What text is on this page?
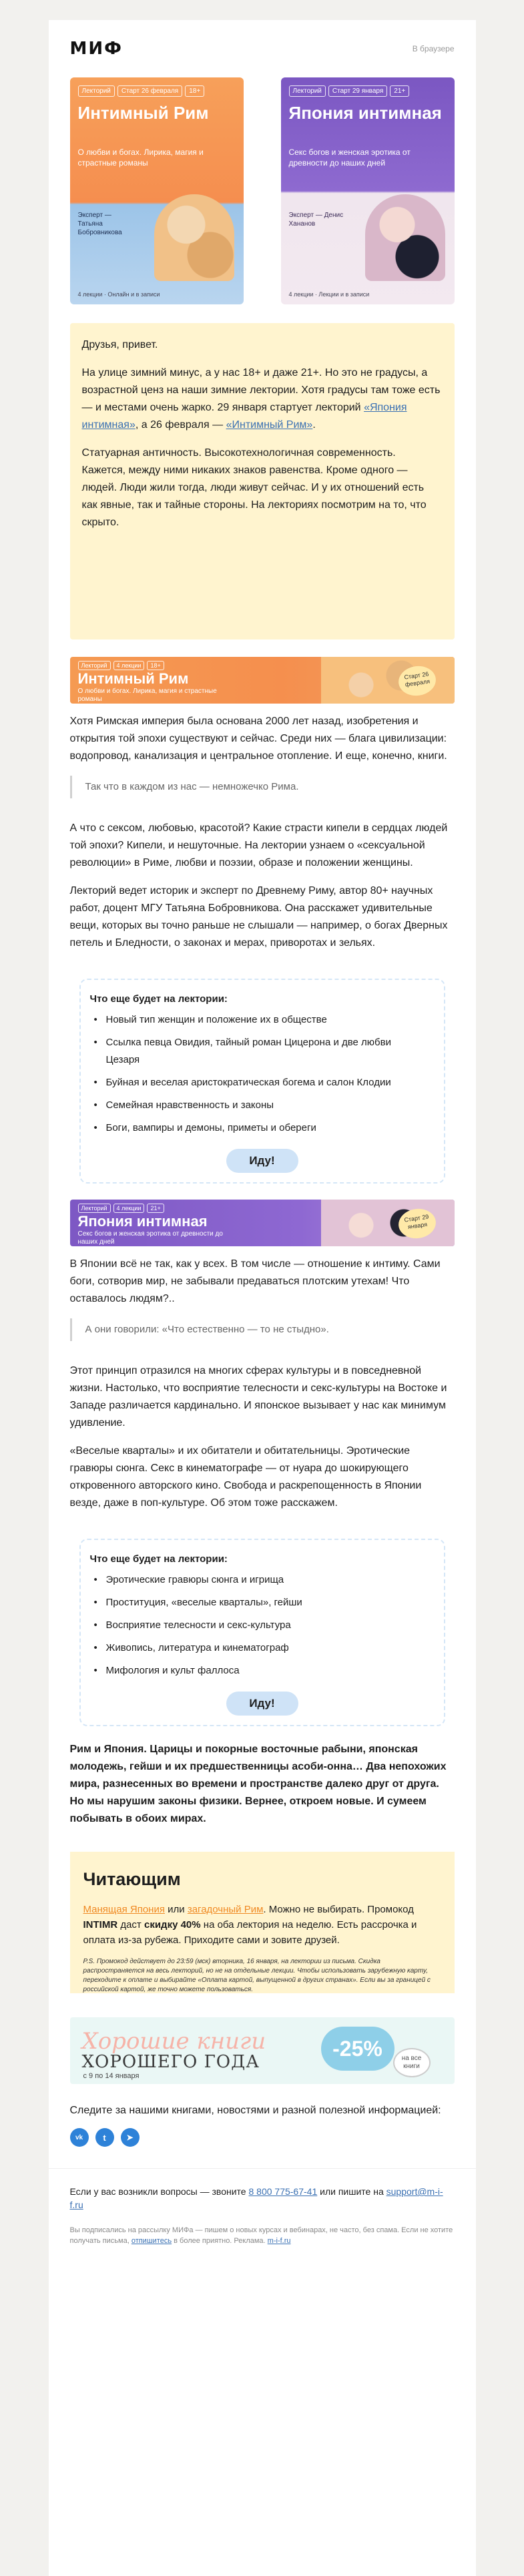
МИФ	В браузере
Лекторий	Старт 26 февраля	18+
Интимный Рим
О любви и богах. Лирика, магия и страстные романы
Эксперт — Татьяна Бобровникова
4 лекции · Онлайн и в записи
Лекторий	Старт 29 января	21+
Япония интимная
Секс богов и женская эротика от древности до наших дней
Эксперт — Денис Хананов
4 лекции · Лекции и в записи

Друзья, привет.

На улице зимний минус, а у нас 18+ и даже 21+. Но это не градусы, а возрастной ценз на наши зимние лектории. Хотя градусы там тоже есть — и местами очень жарко. 29 января стартует лекторий «Япония интимная», а 26 февраля — «Интимный Рим».

Статуарная античность. Высокотехнологичная современность. Кажется, между ними никаких знаков равенства. Кроме одного — людей. Люди жили тогда, люди живут сейчас. И у их отношений есть как явные, так и тайные стороны. На лекториях посмотрим на то, что скрыто.

Лекторий	4 лекции	18+
Интимный Рим
О любви и богах. Лирика, магия и страстные романы
Старт 26 февраля

Хотя Римская империя была основана 2000 лет назад, изобретения и открытия той эпохи существуют и сейчас. Среди них — блага цивилизации: водопровод, канализация и центральное отопление. И еще, конечно, книги.

Так что в каждом из нас — немножечко Рима.

А что с сексом, любовью, красотой? Какие страсти кипели в сердцах людей той эпохи? Кипели, и нешуточные. На лектории узнаем о «сексуальной революции» в Риме, любви и поэзии, образе и положении женщины.

Лекторий ведет историк и эксперт по Древнему Риму, автор 80+ научных работ, доцент МГУ Татьяна Бобровникова. Она расскажет удивительные вещи, которых вы точно раньше не слышали — например, о богах Дверных петель и Бледности, о законах и мерах, приворотах и зельях.

Что еще будет на лектории:
• Новый тип женщин и положение их в обществе
• Ссылка певца Овидия, тайный роман Цицерона и две любви Цезаря
• Буйная и веселая аристократическая богема и салон Клодии
• Семейная нравственность и законы
• Боги, вампиры и демоны, приметы и обереги
Иду!
Лекторий	4 лекции	21+
Япония интимная
Секс богов и женская эротика от древности до наших дней
Старт 29 января

В Японии всё не так, как у всех. В том числе — отношение к интиму. Сами боги, сотворив мир, не забывали предаваться плотским утехам! Что оставалось людям?..

А они говорили: «Что естественно — то не стыдно».

Этот принцип отразился на многих сферах культуры и в повседневной жизни. Настолько, что восприятие телесности и секс-культуры на Востоке и Западе различается кардинально. И японское вызывает у нас как минимум удивление.

«Веселые кварталы» и их обитатели и обитательницы. Эротические гравюры сюнга. Секс в кинематографе — от нуара до шокирующего откровенного авторского кино. Свобода и раскрепощенность в Японии везде, даже в поп-культуре. Об этом тоже расскажем.

Что еще будет на лектории:
• Эротические гравюры сюнга и игрища
• Проституция, «веселые кварталы», гейши
• Восприятие телесности и секс-культура
• Живопись, литература и кинематограф
• Мифология и культ фаллоса
Иду!

Рим и Япония. Царицы и покорные восточные рабыни, японская молодежь, гейши и их предшественницы асоби-онна… Два непохожих мира, разнесенных во времени и пространстве далеко друг от друга. Но мы нарушим законы физики. Вернее, откроем новые. И сумеем побывать в обоих мирах.

Читающим

Манящая Япония или загадочный Рим. Можно не выбирать. Промокод INTIMR даст скидку 40% на оба лектория на неделю. Есть рассрочка и оплата из-за рубежа. Приходите сами и зовите друзей.

P.S. Промокод действует до 23:59 (мск) вторника, 16 января, на лектории из письма. Скидка распространяется на весь лекторий, но не на отдельные лекции. Чтобы использовать зарубежную карту, переходите к оплате и выбирайте «Оплата картой, выпущенной в других странах». Если вы за границей с российской картой, же точно можете пользоваться.

Хорошие книги
ХОРОШЕГО ГОДА
с 9 по 14 января
-25%	на все книги

Следите за нашими книгами, новостями и разной полезной информацией:

vk	t	➤

Если у вас возникли вопросы — звоните 8 800 775-67-41 или пишите на support@m-i-f.ru

Вы подписались на рассылку МИФа — пишем о новых курсах и вебинарах, не часто, без спама. Если не хотите получать письма, отпишитесь в более приятно. Реклама. m-i-f.ru
